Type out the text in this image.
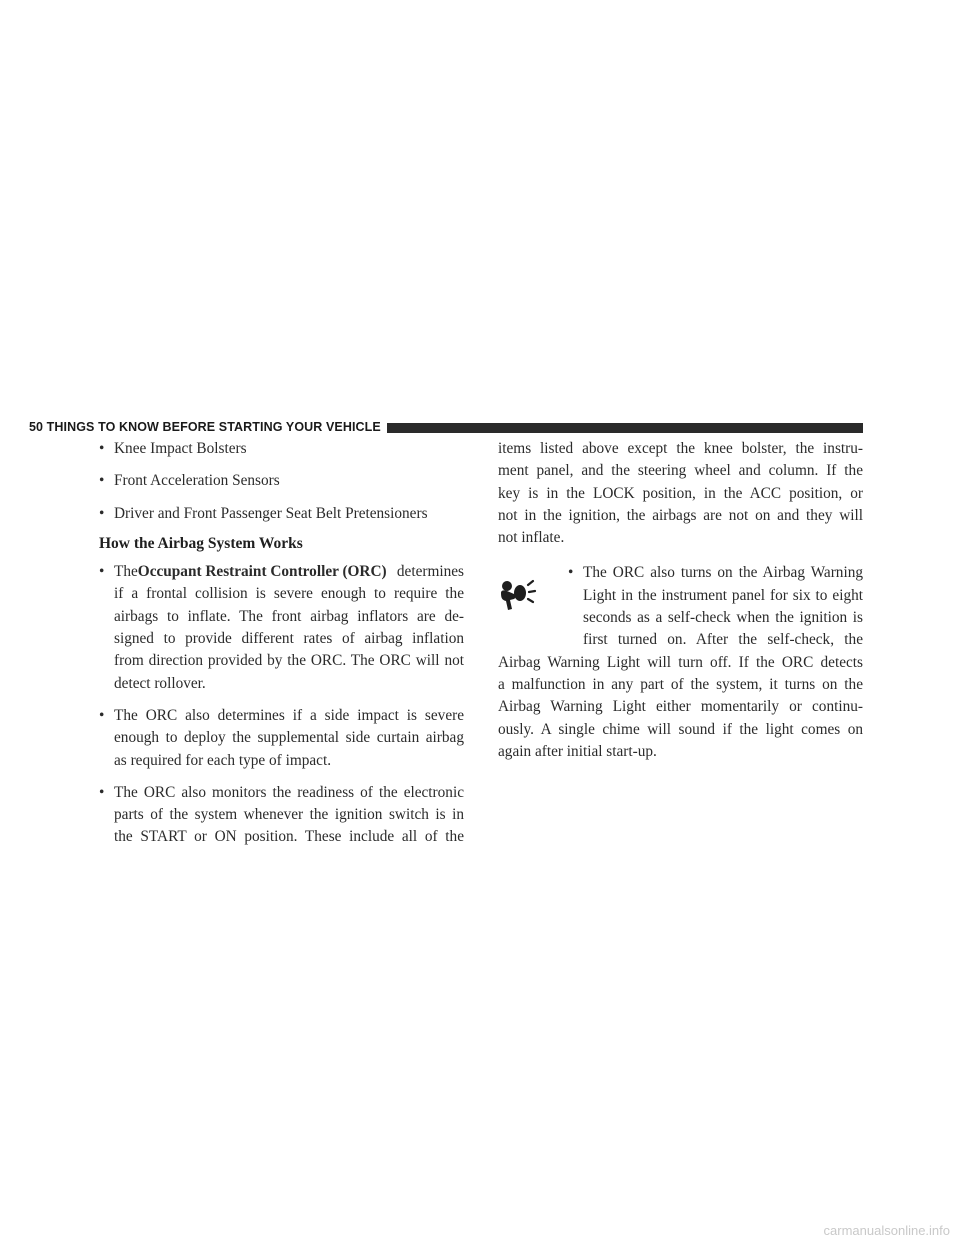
50 THINGS TO KNOW BEFORE STARTING YOUR VEHICLE
• Knee Impact Bolsters
• Front Acceleration Sensors
• Driver and Front Passenger Seat Belt Pretensioners
How the Airbag System Works
• TheOccupant Restraint Controller (ORC) determines
if a frontal collision is severe enough to require the
airbags to inflate. The front airbag inflators are de-
signed to provide different rates of airbag inflation
from direction provided by the ORC. The ORC will not
detect rollover.
• The ORC also determines if a side impact is severe
enough to deploy the supplemental side curtain airbag
as required for each type of impact.
• The ORC also monitors the readiness of the electronic
parts of the system whenever the ignition switch is in
the START or ON position. These include all of the
items listed above except the knee bolster, the instru-
ment panel, and the steering wheel and column. If the
key is in the LOCK position, in the ACC position, or
not in the ignition, the airbags are not on and they will
not inflate.
• The ORC also turns on the Airbag Warning
Light in the instrument panel for six to eight
seconds as a self-check when the ignition is
first turned on. After the self-check, the
Airbag Warning Light will turn off. If the ORC detects
a malfunction in any part of the system, it turns on the
Airbag Warning Light either momentarily or continu-
ously. A single chime will sound if the light comes on
again after initial start-up.
carmanualsonline.info
